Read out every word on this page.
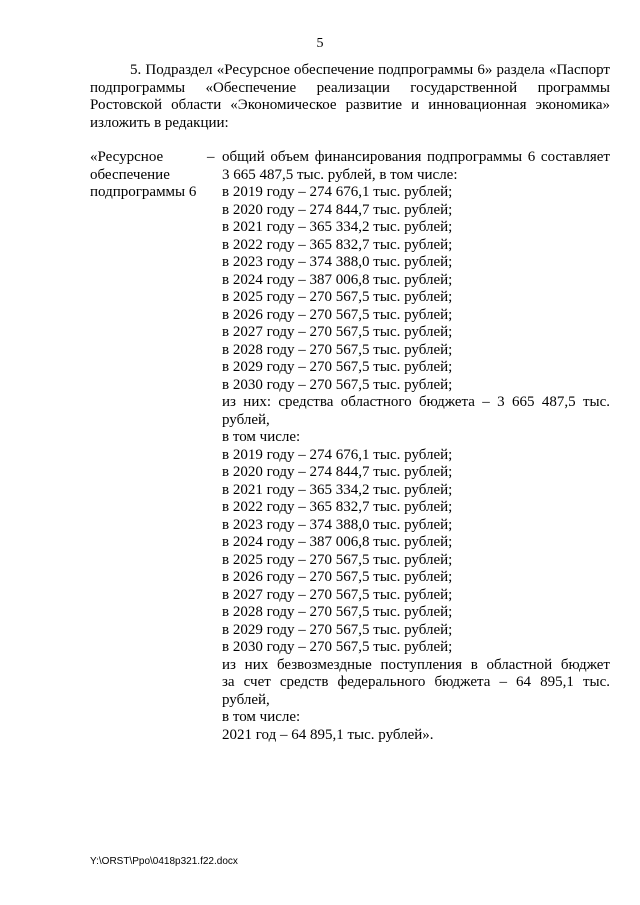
5
5. Подраздел «Ресурсное обеспечение подпрограммы 6» раздела «Паспорт
подпрограммы «Обеспечение реализации государственной программы
Ростовской области «Экономическое развитие и инновационная экономика»
изложить в редакции:
«Ресурсное
обеспечение
подпрограммы 6
– общий объем финансирования подпрограммы 6 составляет
3 665 487,5 тыс. рублей, в том числе:
в 2019 году – 274 676,1 тыс. рублей;
в 2020 году – 274 844,7 тыс. рублей;
в 2021 году – 365 334,2 тыс. рублей;
в 2022 году – 365 832,7 тыс. рублей;
в 2023 году – 374 388,0 тыс. рублей;
в 2024 году – 387 006,8 тыс. рублей;
в 2025 году – 270 567,5 тыс. рублей;
в 2026 году – 270 567,5 тыс. рублей;
в 2027 году – 270 567,5 тыс. рублей;
в 2028 году – 270 567,5 тыс. рублей;
в 2029 году – 270 567,5 тыс. рублей;
в 2030 году – 270 567,5 тыс. рублей;
из них: средства областного бюджета – 3 665 487,5 тыс. рублей,
в том числе:
в 2019 году – 274 676,1 тыс. рублей;
в 2020 году – 274 844,7 тыс. рублей;
в 2021 году – 365 334,2 тыс. рублей;
в 2022 году – 365 832,7 тыс. рублей;
в 2023 году – 374 388,0 тыс. рублей;
в 2024 году – 387 006,8 тыс. рублей;
в 2025 году – 270 567,5 тыс. рублей;
в 2026 году – 270 567,5 тыс. рублей;
в 2027 году – 270 567,5 тыс. рублей;
в 2028 году – 270 567,5 тыс. рублей;
в 2029 году – 270 567,5 тыс. рублей;
в 2030 году – 270 567,5 тыс. рублей;
из них безвозмездные поступления в областной бюджет
за счет средств федерального бюджета – 64 895,1 тыс. рублей,
в том числе:
2021 год – 64 895,1 тыс. рублей».
Y:\ORST\Ppo\0418p321.f22.docx
